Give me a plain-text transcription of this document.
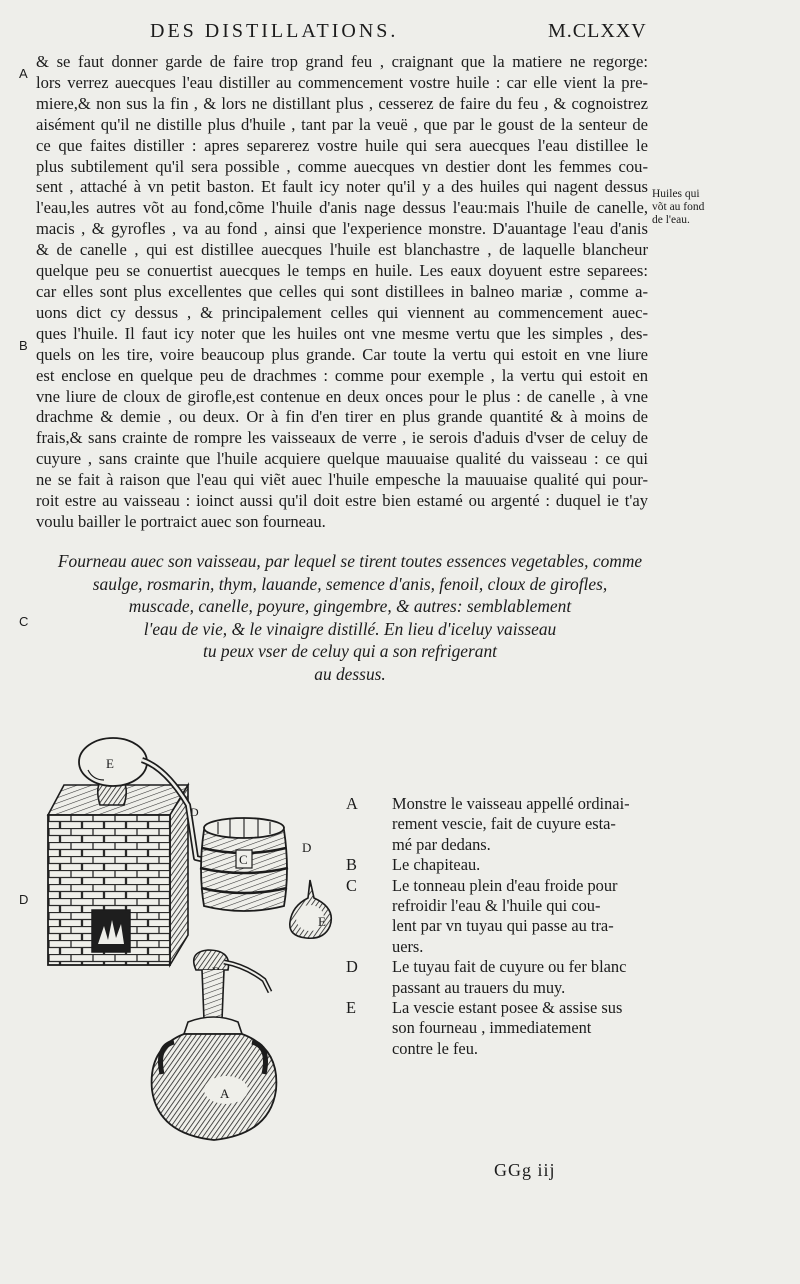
DES DISTILLATIONS.	M.CLXXV
A
B
C
D
& se faut donner garde de faire trop grand feu , craignant que la matiere ne regorge:
lors verrez auecques l'eau distiller au commencement vostre huile : car elle vient la pre-
miere,& non sus la fin , & lors ne distillant plus , cesserez de faire du feu , & cognoistrez
aisément qu'il ne distille plus d'huile , tant par la veuë , que par le goust de la senteur de
ce que faites distiller : apres separerez vostre huile qui sera auecques l'eau distillee le
plus subtilement qu'il sera possible , comme auecques vn destier dont les femmes cou-
sent , attaché à vn petit baston. Et fault icy noter qu'il y a des huiles qui nagent dessus
l'eau,les autres võt au fond,cõme l'huile d'anis nage dessus l'eau:mais l'huile de canelle,
macis , & gyrofles , va au fond , ainsi que l'experience monstre. D'auantage l'eau d'anis
& de canelle , qui est distillee auecques l'huile est blanchastre , de laquelle blancheur
quelque peu se conuertist auecques le temps en huile. Les eaux doyuent estre separees:
car elles sont plus excellentes que celles qui sont distillees in balneo mariæ , comme a-
uons dict cy dessus , & principalement celles qui viennent au commencement auec-
ques l'huile. Il faut icy noter que les huiles ont vne mesme vertu que les simples , des-
quels on les tire, voire beaucoup plus grande. Car toute la vertu qui estoit en vne liure
est enclose en quelque peu de drachmes : comme pour exemple , la vertu qui estoit en
vne liure de cloux de girofle,est contenue en deux onces pour le plus : de canelle , à vne
drachme & demie , ou deux. Or à fin d'en tirer en plus grande quantité & à moins de
frais,& sans crainte de rompre les vaisseaux de verre , ie serois d'aduis d'vser de celuy de
cuyure , sans crainte que l'huile acquiere quelque mauuaise qualité du vaisseau : ce qui
ne se fait à raison que l'eau qui viẽt auec l'huile empesche la mauuaise qualité qui pour-
roit estre au vaisseau : ioinct aussi qu'il doit estre bien estamé ou argenté : duquel ie t'ay
voulu bailler le portraict auec son fourneau.
Huiles qui
võt au fond
de l'eau.
Fourneau auec son vaisseau, par lequel se tirent toutes essences vegetables, comme
saulge, rosmarin, thym, lauande, semence d'anis, fenoil, cloux de girofles,
muscade, canelle, poyure, gingembre, & autres: semblablement
l'eau de vie, & le vinaigre distillé. En lieu d'iceluy vaisseau
tu peux vser de celuy qui a son refrigerant
au dessus.
E
D
C
D
E
A
A	Monstre le vaisseau appellé ordinai-
rement vescie, fait de cuyure esta-
mé par dedans.
B	Le chapiteau.
C	Le tonneau plein d'eau froide pour
refroidir l'eau & l'huile qui cou-
lent par vn tuyau qui passe au tra-
uers.
D	Le tuyau fait de cuyure ou fer blanc
passant au trauers du muy.
E	La vescie estant posee & assise sus
son fourneau , immediatement
contre le feu.
GGg iij
